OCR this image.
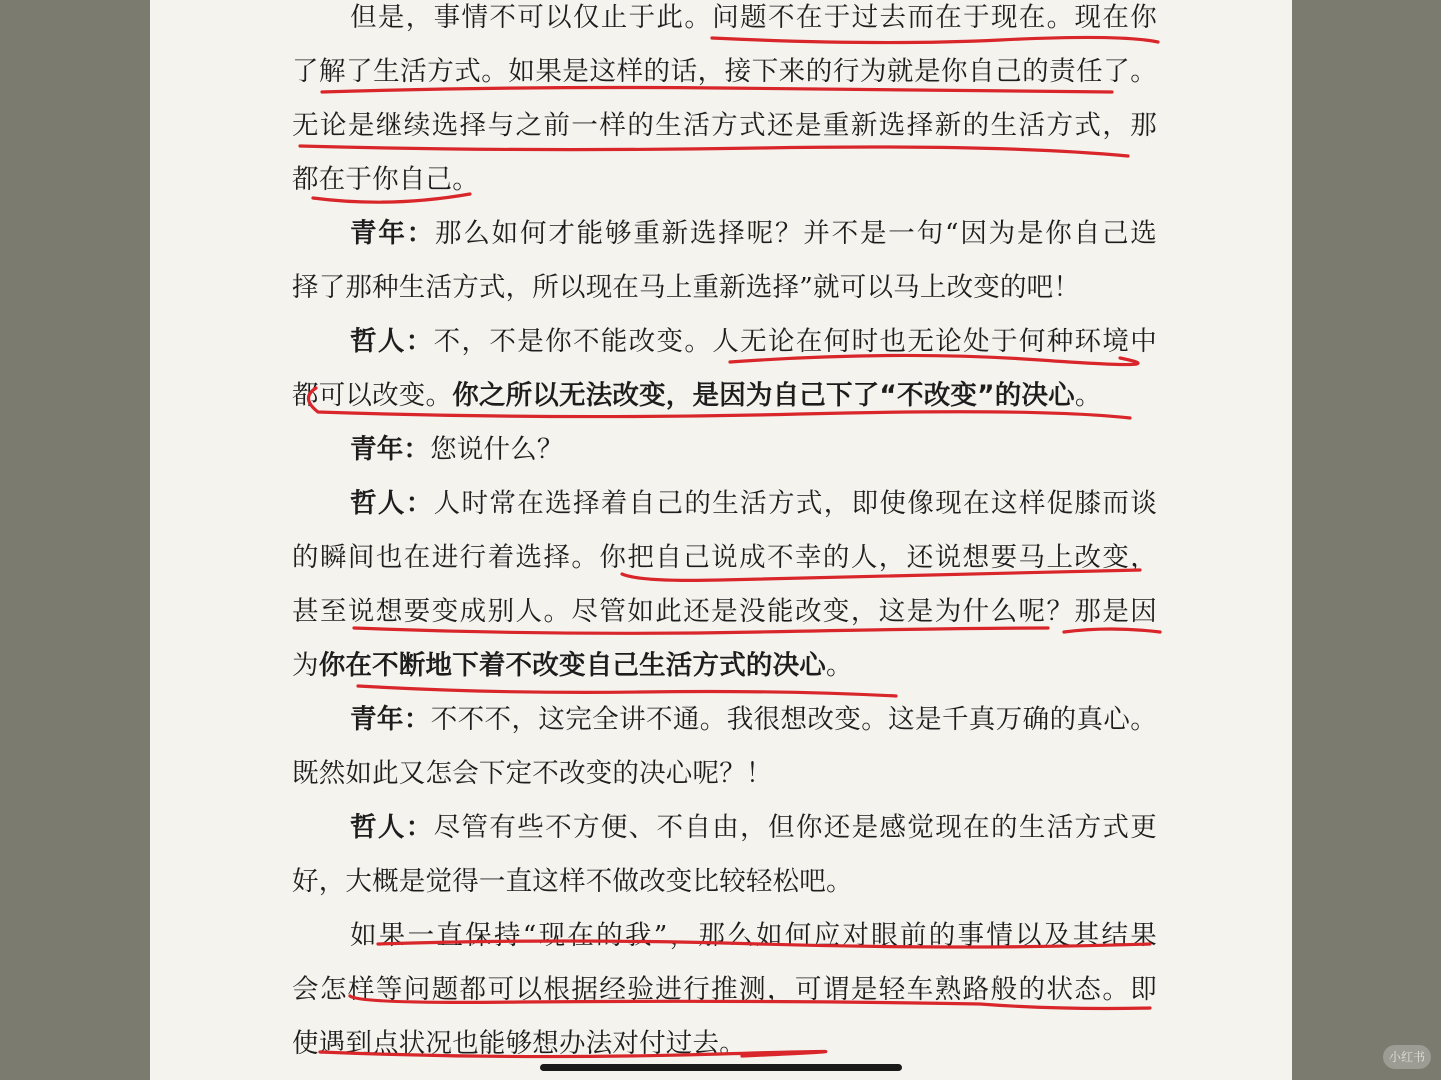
但是，事情不可以仅止于此。问题不在于过去而在于现在。现在你
了解了生活方式。如果是这样的话，接下来的行为就是你自己的责任了。
无论是继续选择与之前一样的生活方式还是重新选择新的生活方式，那
都在于你自己。
青年：那么如何才能够重新选择呢？并不是一句“因为是你自己选
择了那种生活方式，所以现在马上重新选择”就可以马上改变的吧！
哲人：不，不是你不能改变。人无论在何时也无论处于何种环境中
都可以改变。你之所以无法改变，是因为自己下了“不改变”的决心。
青年：您说什么？
哲人：人时常在选择着自己的生活方式，即使像现在这样促膝而谈
的瞬间也在进行着选择。你把自己说成不幸的人，还说想要马上改变，
甚至说想要变成别人。尽管如此还是没能改变，这是为什么呢？那是因
为你在不断地下着不改变自己生活方式的决心。
青年：不不不，这完全讲不通。我很想改变。这是千真万确的真心。
既然如此又怎会下定不改变的决心呢？！
哲人：尽管有些不方便、不自由，但你还是感觉现在的生活方式更
好，大概是觉得一直这样不做改变比较轻松吧。
如果一直保持“现在的我”，那么如何应对眼前的事情以及其结果
会怎样等问题都可以根据经验进行推测，可谓是轻车熟路般的状态。即
使遇到点状况也能够想办法对付过去。	小红书
